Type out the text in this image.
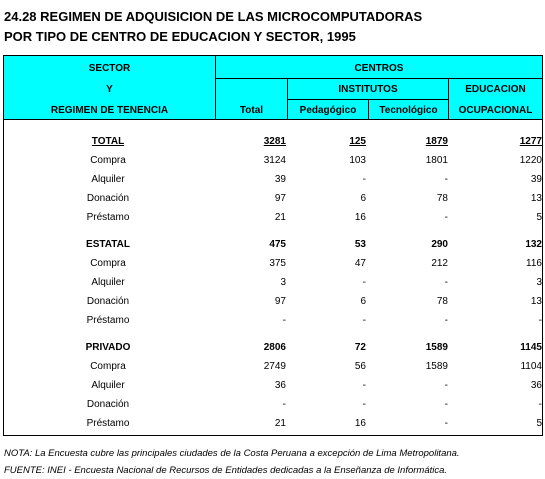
24.28 REGIMEN DE ADQUISICION DE LAS MICROCOMPUTADORAS
POR TIPO DE CENTRO DE EDUCACION Y SECTOR, 1995
SECTOR
Y
REGIMEN DE TENENCIA
CENTROS
INSTITUTOS	EDUCACION
OCUPACIONAL
Total	Pedagógico	Tecnológico
TOTAL	3281	125	1879	1277
Compra	3124	103	1801	1220
Alquiler	39	-	-	39
Donación	97	6	78	13
Préstamo	21	16	-	5
ESTATAL	475	53	290	132
Compra	375	47	212	116
Alquiler	3	-	-	3
Donación	97	6	78	13
Préstamo	-	-	-	-
PRIVADO	2806	72	1589	1145
Compra	2749	56	1589	1104
Alquiler	36	-	-	36
Donación	-	-	-	-
Préstamo	21	16	-	5
NOTA: La Encuesta cubre las principales ciudades de la Costa Peruana a excepción de Lima Metropolitana.
FUENTE: INEI - Encuesta Nacional de Recursos de Entidades dedicadas a la Enseñanza de Informática.
